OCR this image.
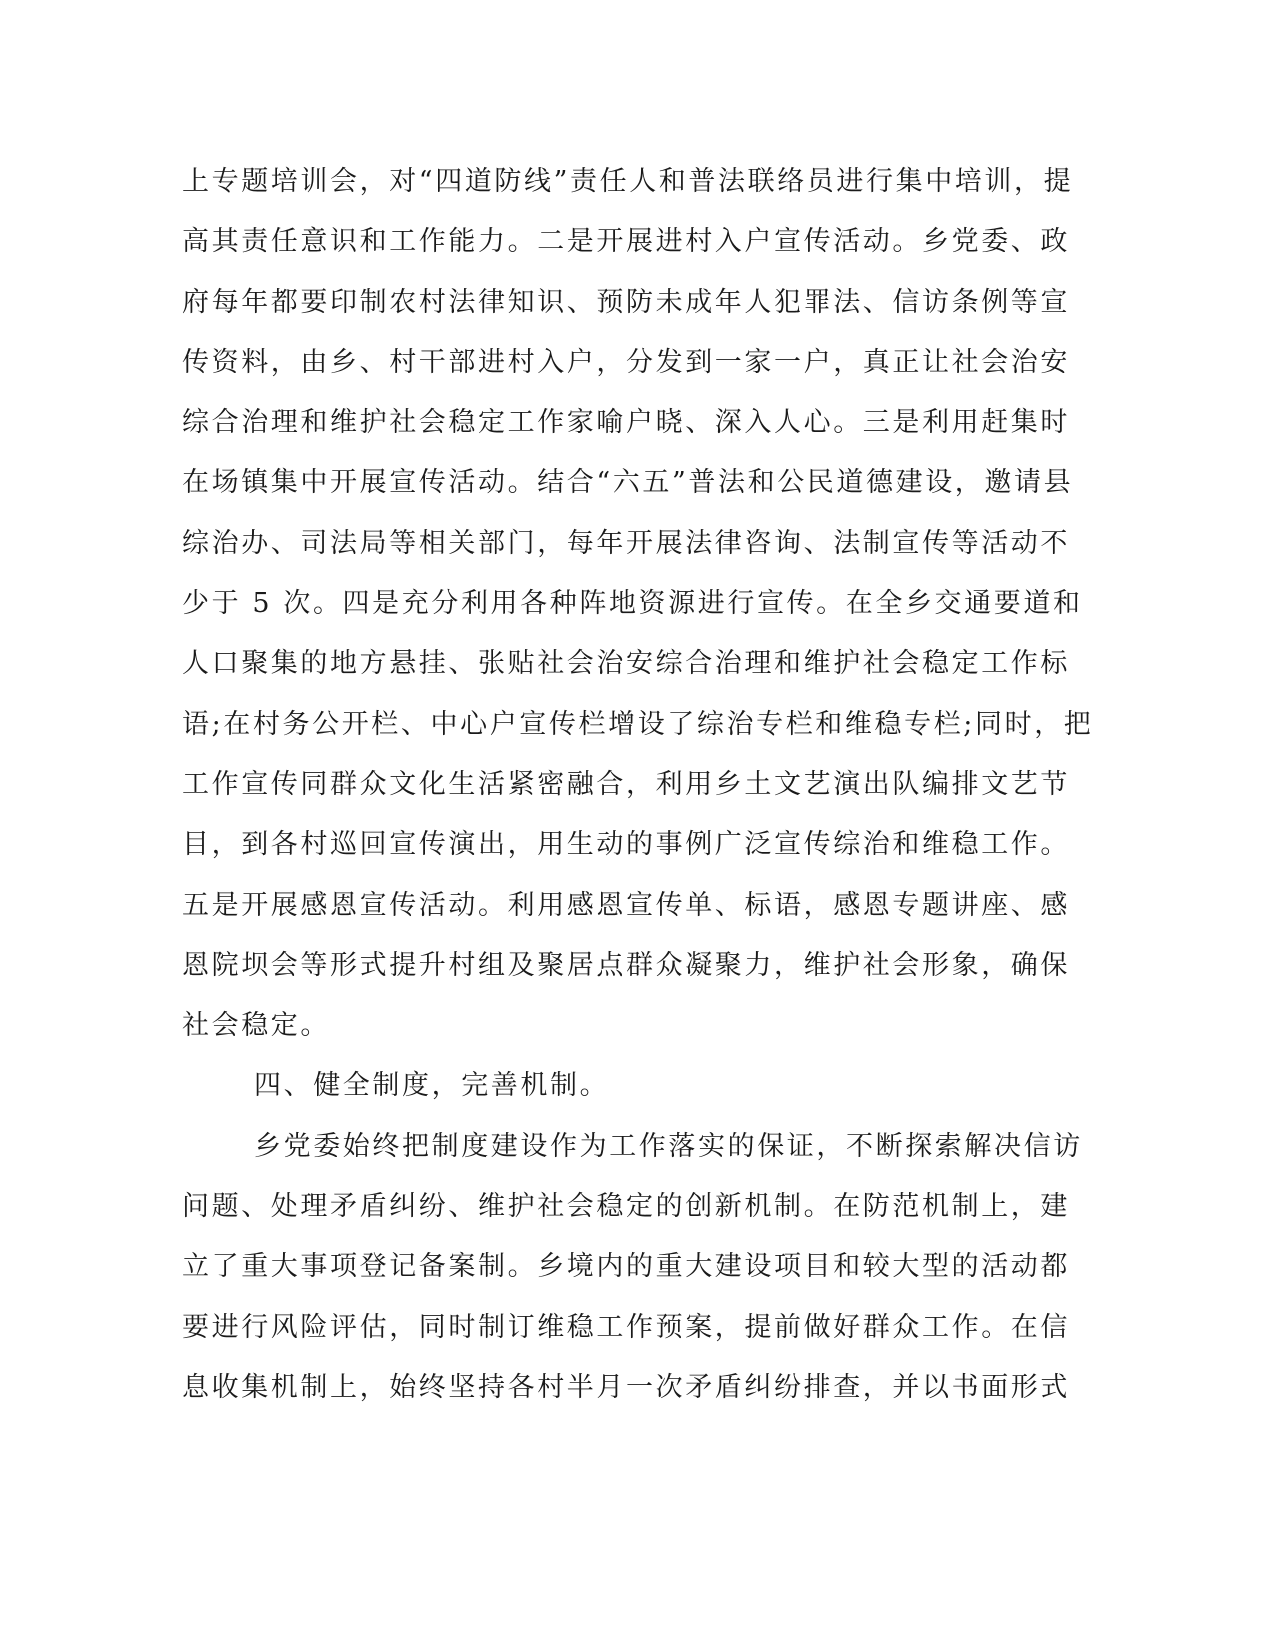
上专题培训会，对“四道防线”责任人和普法联络员进行集中培训，提
高其责任意识和工作能力。二是开展进村入户宣传活动。乡党委、政
府每年都要印制农村法律知识、预防未成年人犯罪法、信访条例等宣
传资料，由乡、村干部进村入户，分发到一家一户，真正让社会治安
综合治理和维护社会稳定工作家喻户晓、深入人心。三是利用赶集时
在场镇集中开展宣传活动。结合“六五”普法和公民道德建设，邀请县
综治办、司法局等相关部门，每年开展法律咨询、法制宣传等活动不
少于 5 次。四是充分利用各种阵地资源进行宣传。在全乡交通要道和
人口聚集的地方悬挂、张贴社会治安综合治理和维护社会稳定工作标
语;在村务公开栏、中心户宣传栏增设了综治专栏和维稳专栏;同时，把
工作宣传同群众文化生活紧密融合，利用乡土文艺演出队编排文艺节
目，到各村巡回宣传演出，用生动的事例广泛宣传综治和维稳工作。
五是开展感恩宣传活动。利用感恩宣传单、标语，感恩专题讲座、感
恩院坝会等形式提升村组及聚居点群众凝聚力，维护社会形象，确保
社会稳定。
四、健全制度，完善机制。
乡党委始终把制度建设作为工作落实的保证，不断探索解决信访
问题、处理矛盾纠纷、维护社会稳定的创新机制。在防范机制上，建
立了重大事项登记备案制。乡境内的重大建设项目和较大型的活动都
要进行风险评估，同时制订维稳工作预案，提前做好群众工作。在信
息收集机制上，始终坚持各村半月一次矛盾纠纷排查，并以书面形式
